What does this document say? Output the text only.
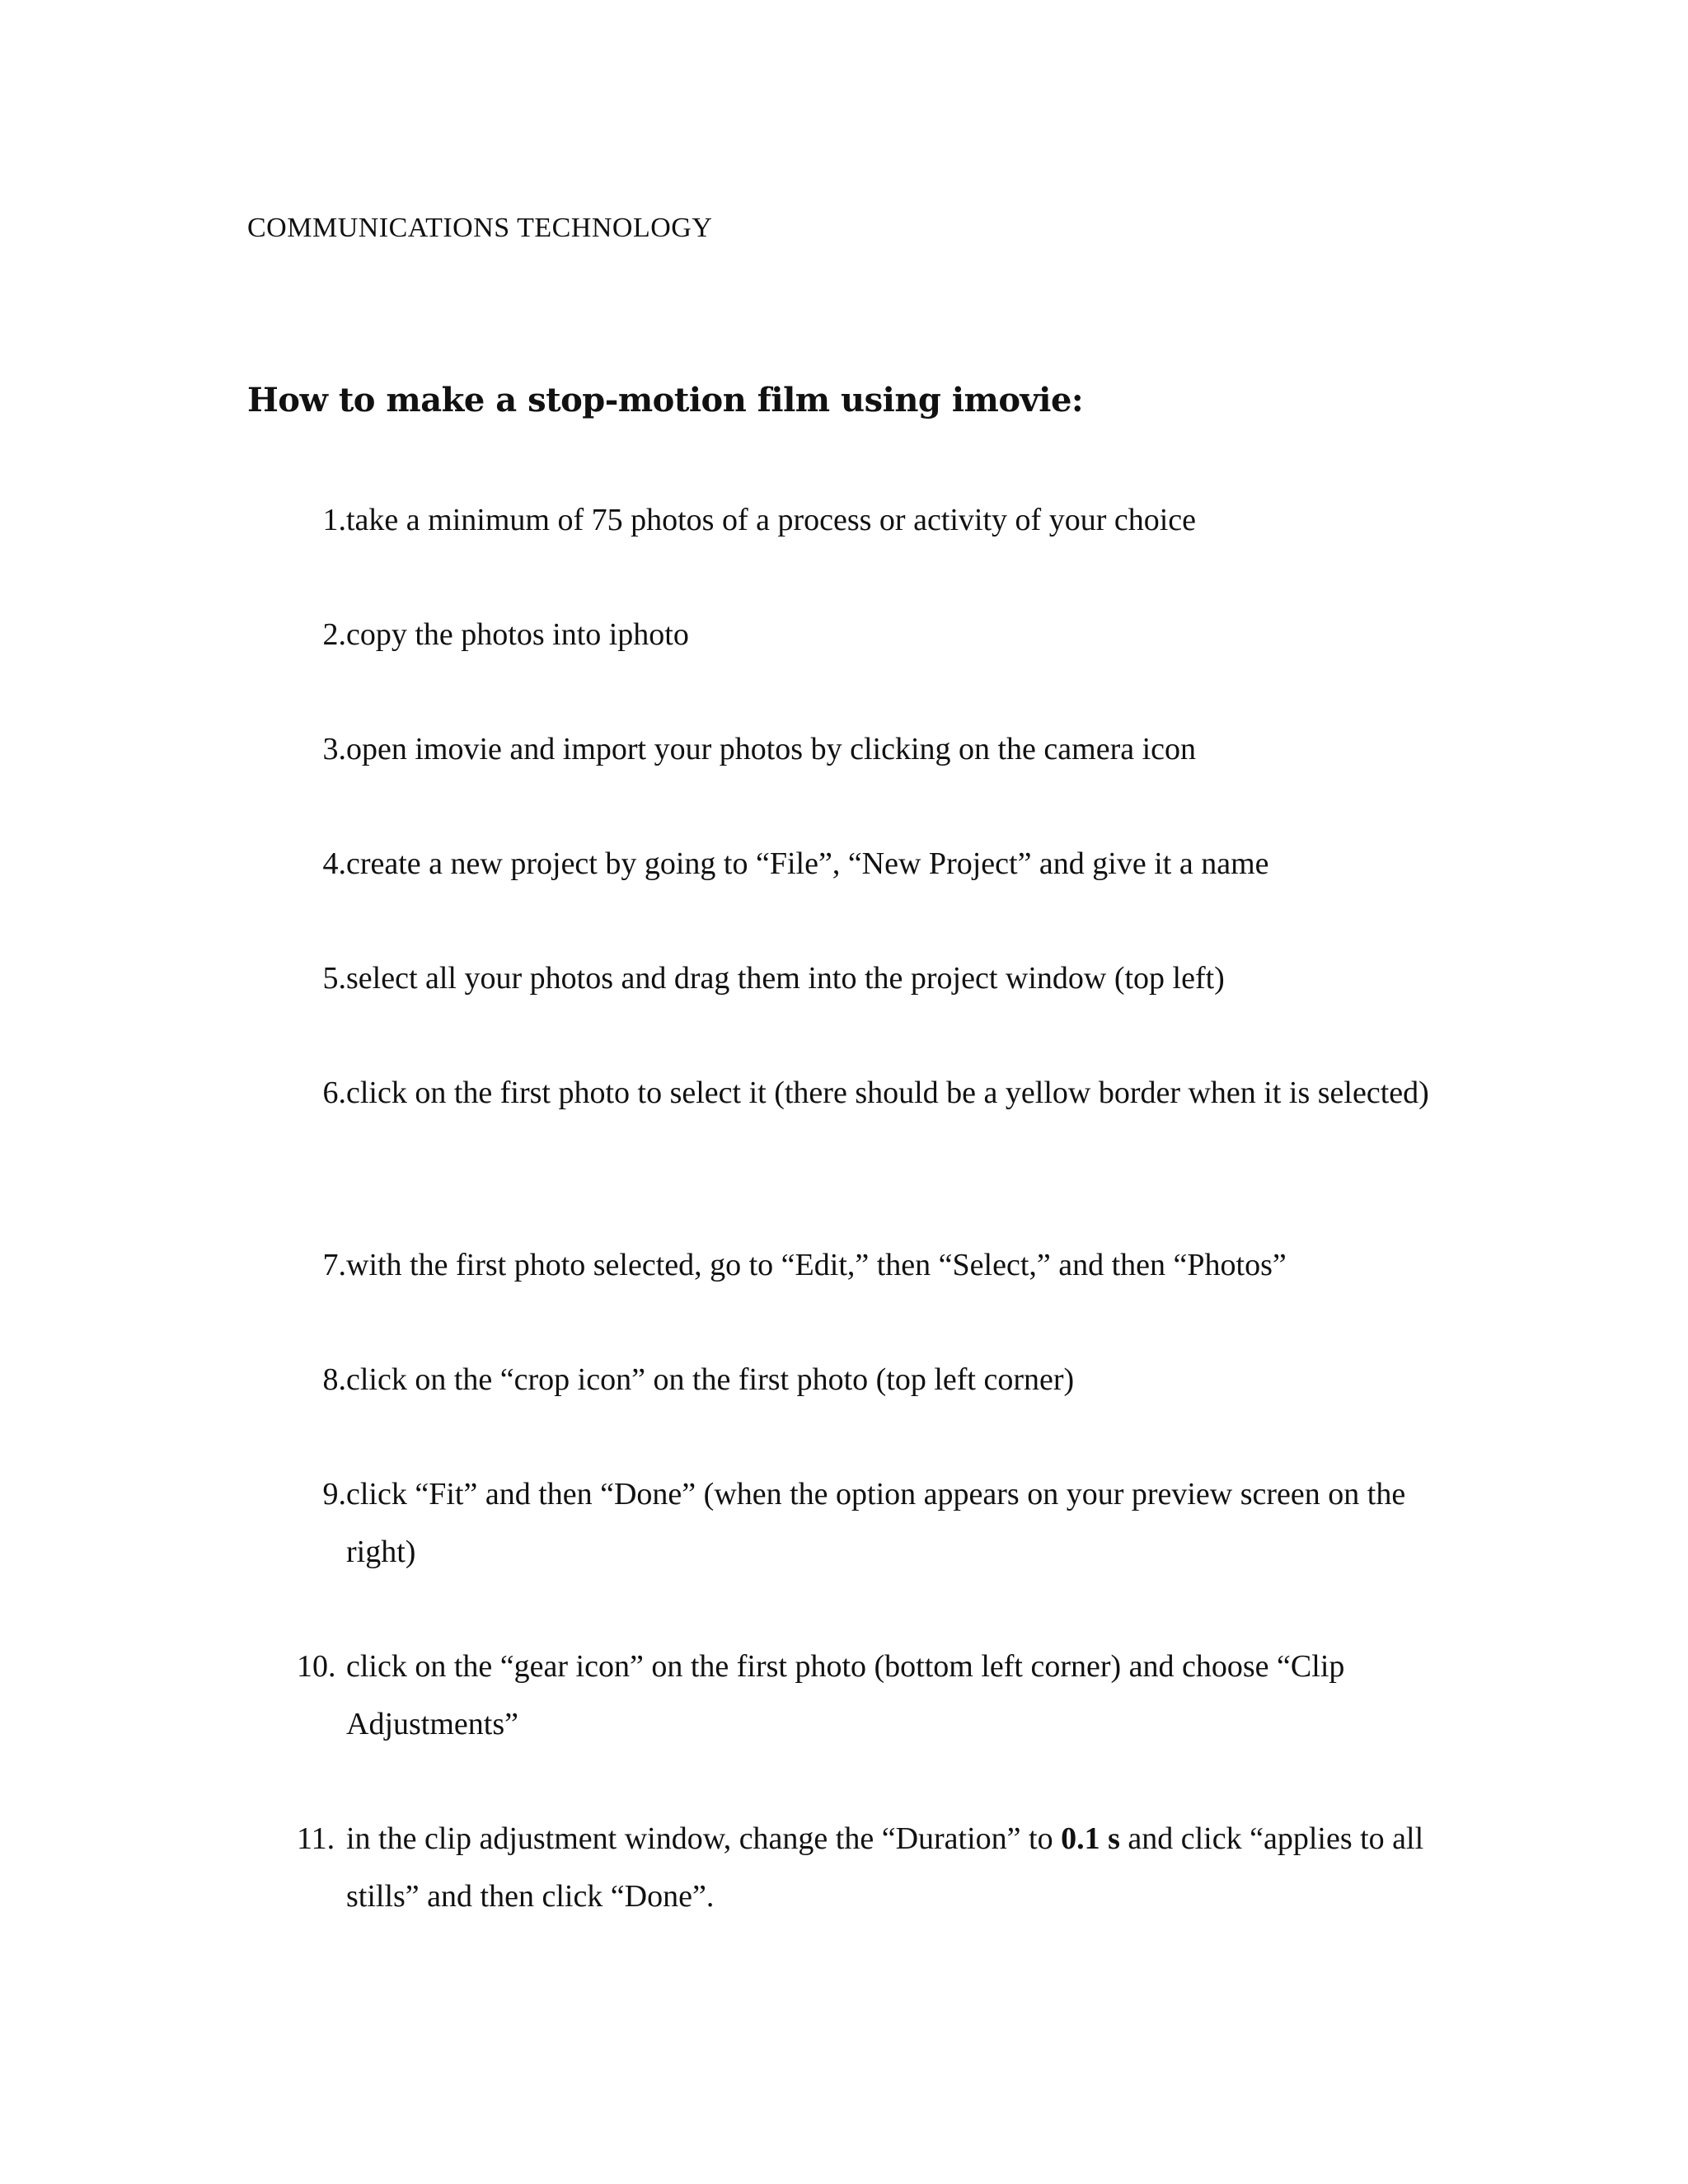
COMMUNICATIONS TECHNOLOGY
How to make a stop-motion film using imovie:
1. take a minimum of 75 photos of a process or activity of your choice
2. copy the photos into iphoto
3. open imovie and import your photos by clicking on the camera icon
4. create a new project by going to “File”, “New Project” and give it a name
5. select all your photos and drag them into the project window (top left)
6. click on the first photo to select it (there should be a yellow border when it is selected)
7. with the first photo selected, go to “Edit,” then “Select,” and then “Photos”
8. click on the “crop icon” on the first photo (top left corner)
9. click “Fit” and then “Done” (when the option appears on your preview screen on the right)
10. click on the “gear icon” on the first photo (bottom left corner) and choose “Clip Adjustments”
11. in the clip adjustment window, change the “Duration” to 0.1 s and click “applies to all stills” and then click “Done”.
